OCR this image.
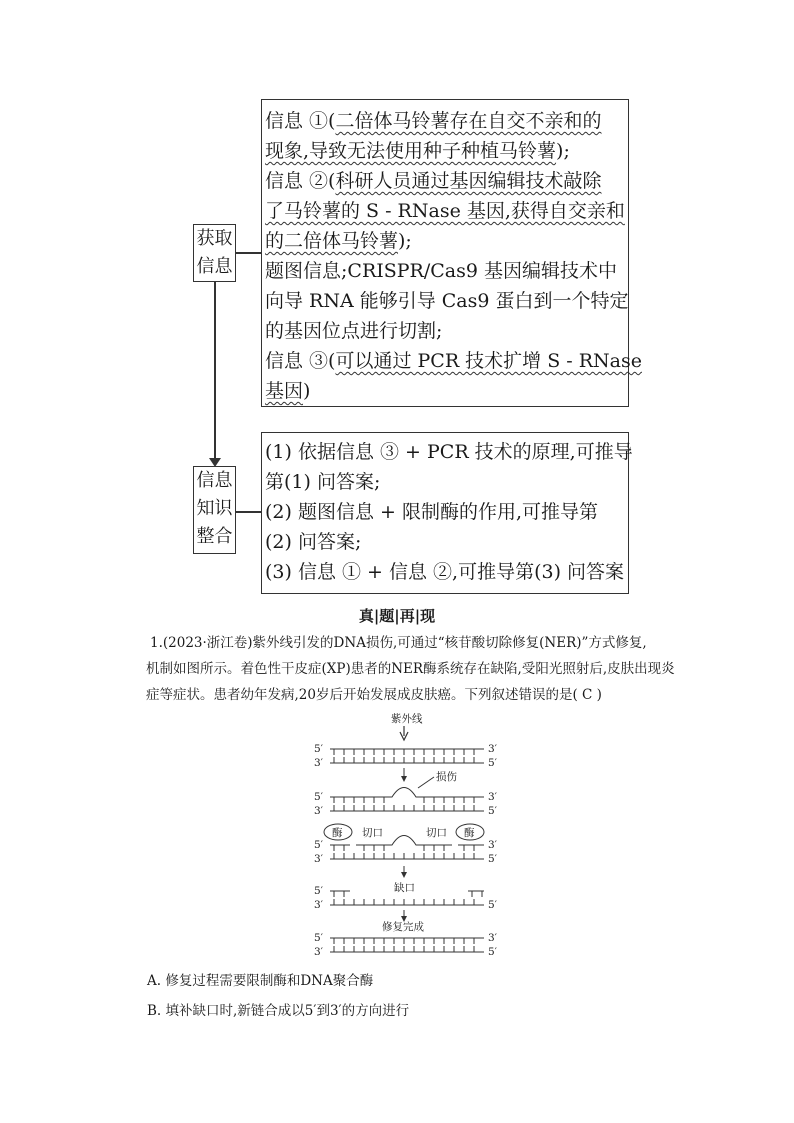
获取
信息
信息 ①(二倍体马铃薯存在自交不亲和的
现象,导致无法使用种子种植马铃薯);
信息 ②(科研人员通过基因编辑技术敲除
了马铃薯的 S - RNase 基因,获得自交亲和
的二倍体马铃薯);
题图信息;CRISPR/Cas9 基因编辑技术中
向导 RNA 能够引导 Cas9 蛋白到一个特定
的基因位点进行切割;
信息 ③(可以通过 PCR 技术扩增 S - RNase
基因)
信息
知识
整合
(1) 依据信息 ③ + PCR 技术的原理,可推导
第(1) 问答案;
(2) 题图信息 + 限制酶的作用,可推导第
(2) 问答案;
(3) 信息 ① + 信息 ②,可推导第(3) 问答案
真|题|再|现
1.(2023·浙江卷)紫外线引发的DNA损伤,可通过“核苷酸切除修复(NER)”方式修复,
机制如图所示。着色性干皮症(XP)患者的NER酶系统存在缺陷,受阳光照射后,皮肤出现炎
症等症状。患者幼年发病,20岁后开始发展成皮肤癌。下列叙述错误的是( C )
紫外线
5′	3′
3′	5′
损伤
5′	3′
3′	5′
酶 切口	酶
切口
5′	3′
3′	5′
5′
3′	5′
缺口
修复完成
5′	3′
3′	5′
A. 修复过程需要限制酶和DNA聚合酶
B. 填补缺口时,新链合成以5′到3′的方向进行
